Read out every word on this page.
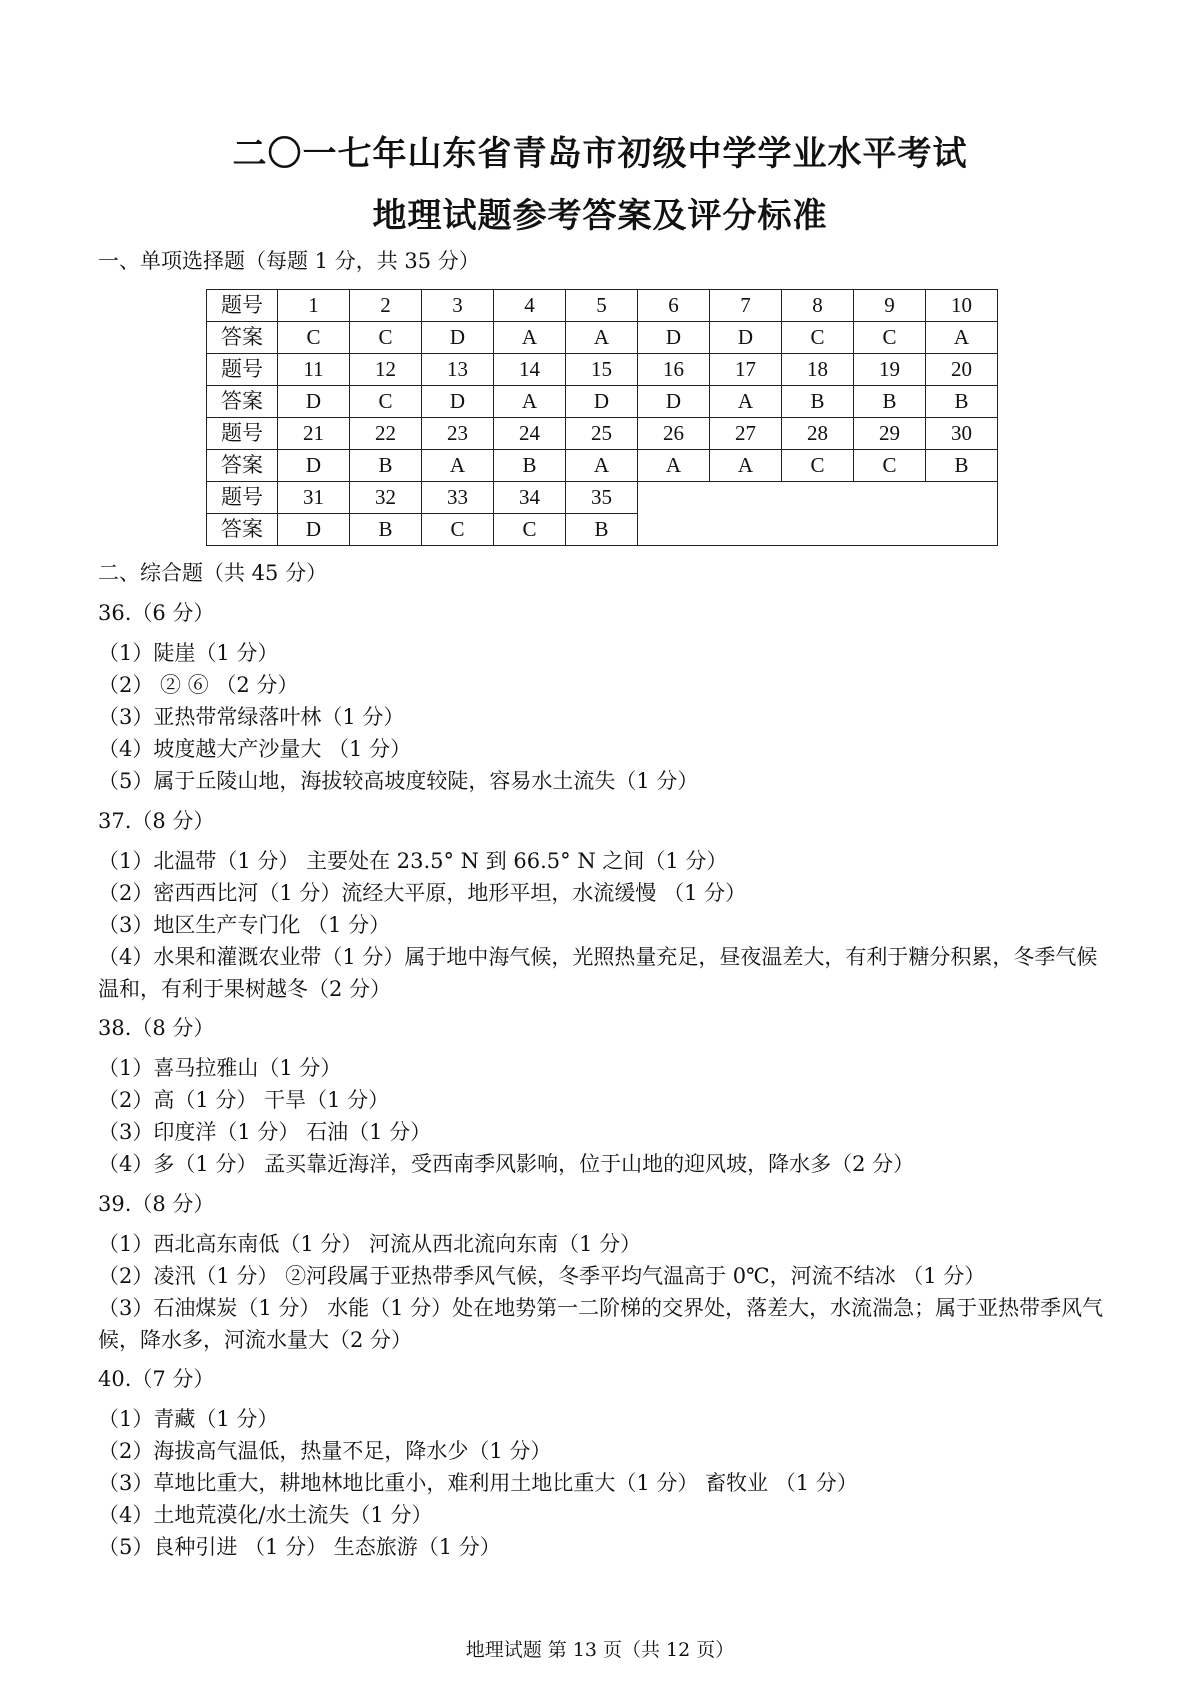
二〇一七年山东省青岛市初级中学学业水平考试
地理试题参考答案及评分标准
一、单项选择题（每题 1 分，共 35 分）
题号	1	2	3	4	5	6	7	8	9	10
答案	C	C	D	A	A	D	D	C	C	A
题号	11	12	13	14	15	16	17	18	19	20
答案	D	C	D	A	D	D	A	B	B	B
题号	21	22	23	24	25	26	27	28	29	30
答案	D	B	A	B	A	A	A	C	C	B
题号	31	32	33	34	35					
答案	D	B	C	C	B					
二、综合题（共 45 分）
36.（6 分）
（1）陡崖（1 分）
（2） ② ⑥ （2 分）
（3）亚热带常绿落叶林（1 分）
（4）坡度越大产沙量大 （1 分）
（5）属于丘陵山地，海拔较高坡度较陡，容易水土流失（1 分）
37.（8 分）
（1）北温带（1 分） 主要处在 23.5° N 到 66.5° N 之间（1 分）
（2）密西西比河（1 分）流经大平原，地形平坦，水流缓慢 （1 分）
（3）地区生产专门化 （1 分）
（4）水果和灌溉农业带（1 分）属于地中海气候，光照热量充足，昼夜温差大，有利于糖分积累，冬季气候温和，有利于果树越冬（2 分）
38.（8 分）
（1）喜马拉雅山（1 分）
（2）高（1 分） 干旱（1 分）
（3）印度洋（1 分） 石油（1 分）
（4）多（1 分） 孟买靠近海洋，受西南季风影响，位于山地的迎风坡，降水多（2 分）
39.（8 分）
（1）西北高东南低（1 分） 河流从西北流向东南（1 分）
（2）凌汛（1 分） ②河段属于亚热带季风气候，冬季平均气温高于 0℃，河流不结冰 （1 分）
（3）石油煤炭（1 分） 水能（1 分）处在地势第一二阶梯的交界处，落差大，水流湍急；属于亚热带季风气候，降水多，河流水量大（2 分）
40.（7 分）
（1）青藏（1 分）
（2）海拔高气温低，热量不足，降水少（1 分）
（3）草地比重大，耕地林地比重小，难利用土地比重大（1 分） 畜牧业 （1 分）
（4）土地荒漠化/水土流失（1 分）
（5）良种引进 （1 分） 生态旅游（1 分）
地理试题 第 13 页（共 12 页）
